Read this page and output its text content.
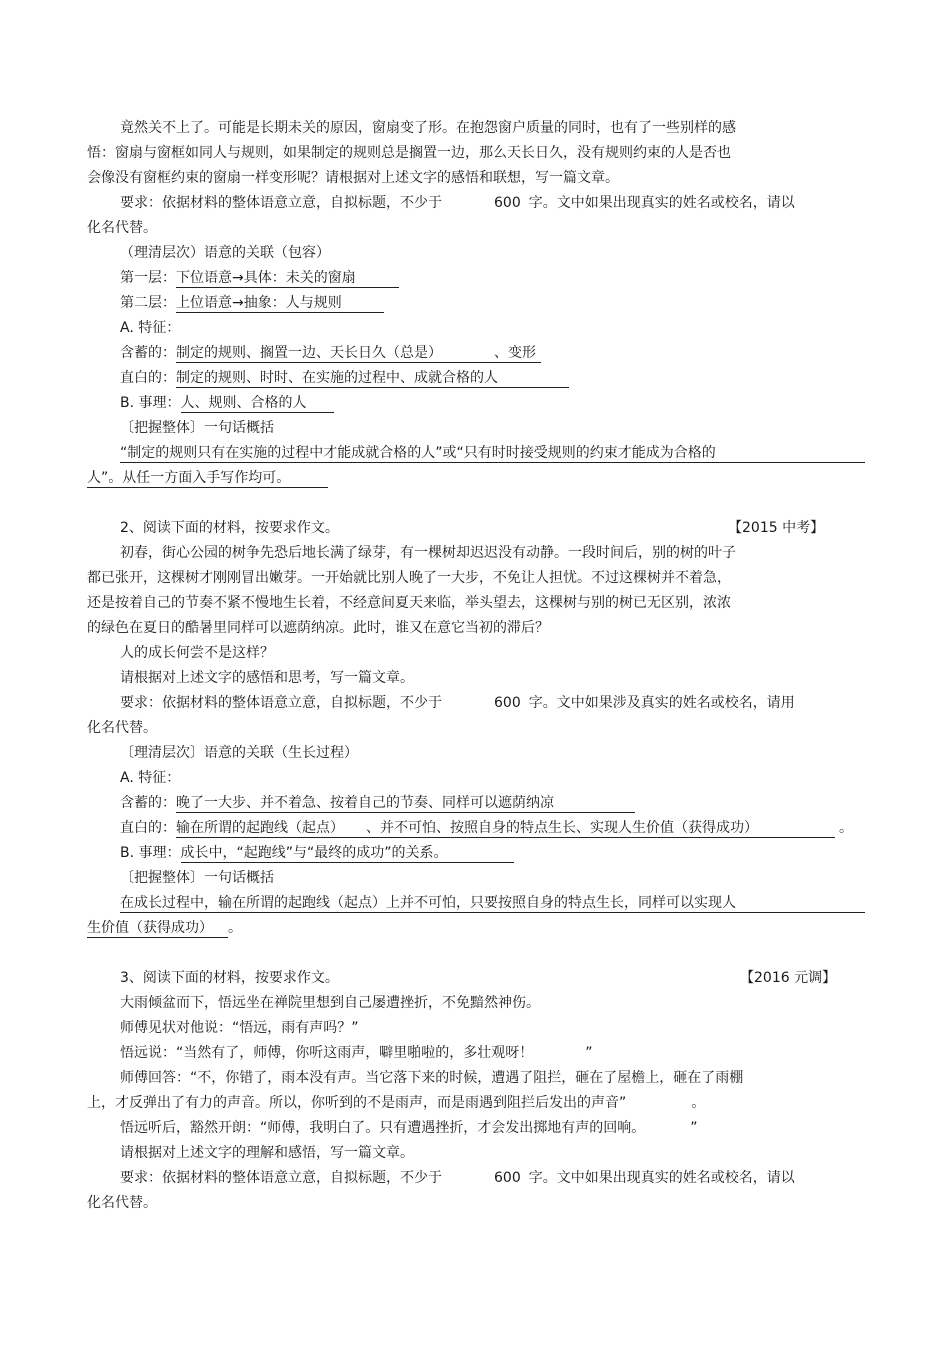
竟然关不上了。可能是长期未关的原因，窗扇变了形。在抱怨窗户质量的同时，也有了一些别样的感
悟：窗扇与窗框如同人与规则，如果制定的规则总是搁置一边，那么天长日久，没有规则约束的人是否也
会像没有窗框约束的窗扇一样变形呢？请根据对上述文字的感悟和联想，写一篇文章。
要求：依据材料的整体语意立意，自拟标题，不少于	600 字。文中如果出现真实的姓名或校名，请以
化名代替。
（理清层次）语意的关联（包容）
第一层：下位语意→具体：未关的窗扇
第二层：上位语意→抽象：人与规则
A. 特征：
含蓄的：制定的规则、搁置一边、天长日久（总是）	、变形
直白的：制定的规则、时时、在实施的过程中、成就合格的人
B. 事理：人、规则、合格的人
〔把握整体〕一句话概括
“制定的规则只有在实施的过程中才能成就合格的人”或“只有时时接受规则的约束才能成为合格的
人”。从任一方面入手写作均可。
2、阅读下面的材料，按要求作文。	【2015 中考】
初春，街心公园的树争先恐后地长满了绿芽，有一棵树却迟迟没有动静。一段时间后，别的树的叶子
都已张开，这棵树才刚刚冒出嫩芽。一开始就比别人晚了一大步，不免让人担忧。不过这棵树并不着急，
还是按着自己的节奏不紧不慢地生长着，不经意间夏天来临，举头望去，这棵树与别的树已无区别，浓浓
的绿色在夏日的酷暑里同样可以遮荫纳凉。此时，谁又在意它当初的滞后？
人的成长何尝不是这样？
请根据对上述文字的感悟和思考，写一篇文章。
要求：依据材料的整体语意立意，自拟标题，不少于	600 字。文中如果涉及真实的姓名或校名，请用
化名代替。
〔理清层次〕语意的关联（生长过程）
A. 特征：
含蓄的：晚了一大步、并不着急、按着自己的节奏、同样可以遮荫纳凉
直白的：输在所谓的起跑线（起点） 、并不可怕、按照自身的特点生长、实现人生价值（获得成功）	。
B. 事理：成长中，“起跑线”与“最终的成功”的关系。
〔把握整体〕一句话概括
在成长过程中，输在所谓的起跑线（起点）上并不可怕，只要按照自身的特点生长，同样可以实现人
生价值（获得成功） 。
3、阅读下面的材料，按要求作文。	【2016 元调】
大雨倾盆而下，悟远坐在禅院里想到自己屡遭挫折，不免黯然神伤。
师傅见状对他说：“悟远，雨有声吗？”
悟远说：“当然有了，师傅，你听这雨声，噼里啪啦的，多壮观呀！	”
师傅回答：“不，你错了，雨本没有声。当它落下来的时候，遭遇了阻拦，砸在了屋檐上，砸在了雨棚
上，才反弹出了有力的声音。所以，你听到的不是雨声，而是雨遇到阻拦后发出的声音”	。
悟远听后，豁然开朗：“师傅，我明白了。只有遭遇挫折，才会发出掷地有声的回响。	”
请根据对上述文字的理解和感悟，写一篇文章。
要求：依据材料的整体语意立意，自拟标题，不少于	600 字。文中如果出现真实的姓名或校名，请以
化名代替。
